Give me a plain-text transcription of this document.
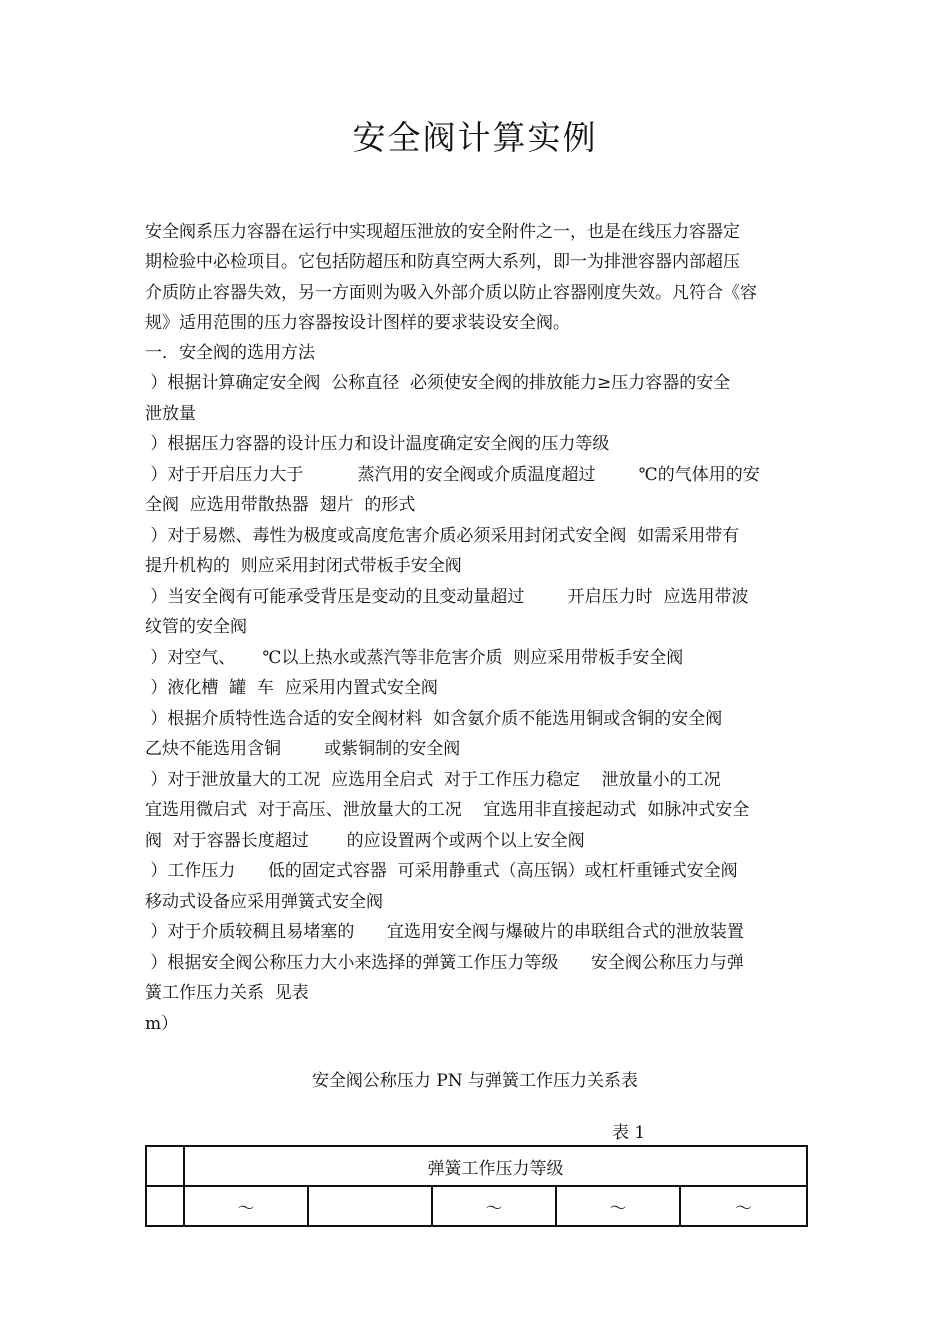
安全阀计算实例
安全阀系压力容器在运行中实现超压泄放的安全附件之一，也是在线压力容器定
期检验中必检项目。它包括防超压和防真空两大系列，即一为排泄容器内部超压
介质防止容器失效，另一方面则为吸入外部介质以防止容器刚度失效。凡符合《容
规》适用范围的压力容器按设计图样的要求装设安全阀。
一．安全阀的选用方法
）根据计算确定安全阀  公称直径  必须使安全阀的排放能力≥压力容器的安全
泄放量
）根据压力容器的设计压力和设计温度确定安全阀的压力等级
）对于开启压力大于          蒸汽用的安全阀或介质温度超过        ℃的气体用的安
全阀  应选用带散热器  翅片  的形式
）对于易燃、毒性为极度或高度危害介质必须采用封闭式安全阀  如需采用带有
提升机构的  则应采用封闭式带板手安全阀
）当安全阀有可能承受背压是变动的且变动量超过        开启压力时  应选用带波
纹管的安全阀
）对空气、     ℃以上热水或蒸汽等非危害介质  则应采用带板手安全阀
）液化槽  罐  车  应采用内置式安全阀
）根据介质特性选合适的安全阀材料  如含氨介质不能选用铜或含铜的安全阀
乙炔不能选用含铜        或紫铜制的安全阀
）对于泄放量大的工况  应选用全启式  对于工作压力稳定    泄放量小的工况
宜选用微启式  对于高压、泄放量大的工况    宜选用非直接起动式  如脉冲式安全
阀  对于容器长度超过       的应设置两个或两个以上安全阀
）工作压力      低的固定式容器  可采用静重式（高压锅）或杠杆重锤式安全阀
移动式设备应采用弹簧式安全阀
）对于介质较稠且易堵塞的      宜选用安全阀与爆破片的串联组合式的泄放装置
）根据安全阀公称压力大小来选择的弹簧工作压力等级      安全阀公称压力与弹
簧工作压力关系  见表
m）
安全阀公称压力 PN 与弹簧工作压力关系表
表 1
	弹簧工作压力等级				
	～		～	～	～
